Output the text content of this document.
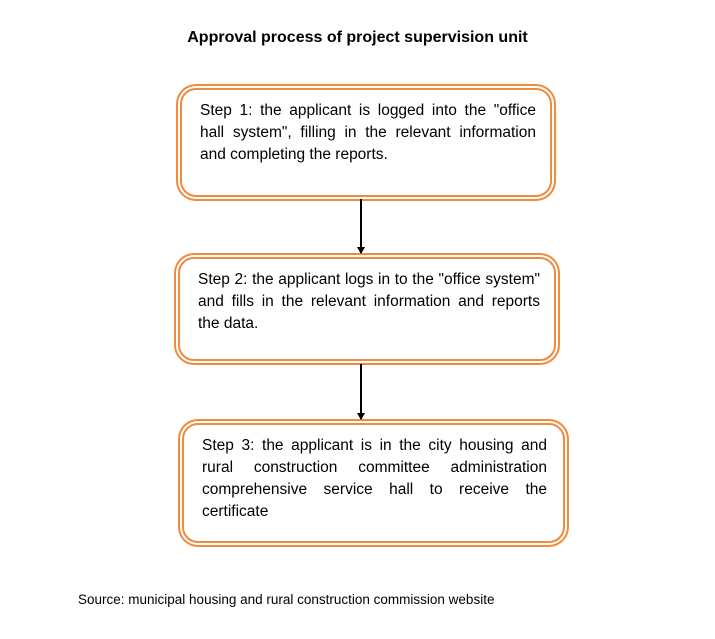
Approval process of project supervision unit
Step 1: the applicant is logged into the "office hall system", filling in the relevant information and completing the reports.
Step 2: the applicant logs in to the "office system" and fills in the relevant information and reports the data.
Step 3: the applicant is in the city housing and rural construction committee administration comprehensive service hall to receive the certificate
Source: municipal housing and rural construction commission website
